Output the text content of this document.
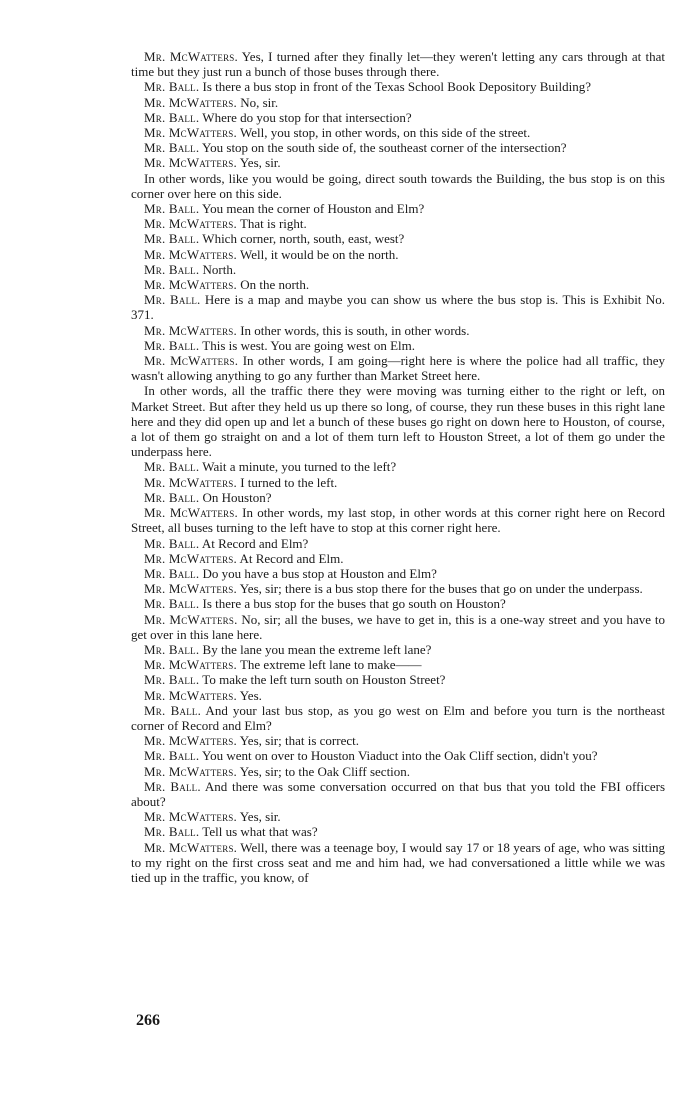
Mr. McWatters. Yes, I turned after they finally let—they weren't letting any cars through at that time but they just run a bunch of those buses through there.

Mr. Ball. Is there a bus stop in front of the Texas School Book Depository Building?

Mr. McWatters. No, sir.

Mr. Ball. Where do you stop for that intersection?

Mr. McWatters. Well, you stop, in other words, on this side of the street.

Mr. Ball. You stop on the south side of, the southeast corner of the intersection?

Mr. McWatters. Yes, sir.

In other words, like you would be going, direct south towards the Building, the bus stop is on this corner over here on this side.

Mr. Ball. You mean the corner of Houston and Elm?

Mr. McWatters. That is right.

Mr. Ball. Which corner, north, south, east, west?

Mr. McWatters. Well, it would be on the north.

Mr. Ball. North.

Mr. McWatters. On the north.

Mr. Ball. Here is a map and maybe you can show us where the bus stop is. This is Exhibit No. 371.

Mr. McWatters. In other words, this is south, in other words.

Mr. Ball. This is west. You are going west on Elm.

Mr. McWatters. In other words, I am going—right here is where the police had all traffic, they wasn't allowing anything to go any further than Market Street here.

In other words, all the traffic there they were moving was turning either to the right or left, on Market Street. But after they held us up there so long, of course, they run these buses in this right lane here and they did open up and let a bunch of these buses go right on down here to Houston, of course, a lot of them go straight on and a lot of them turn left to Houston Street, a lot of them go under the underpass here.

Mr. Ball. Wait a minute, you turned to the left?

Mr. McWatters. I turned to the left.

Mr. Ball. On Houston?

Mr. McWatters. In other words, my last stop, in other words at this corner right here on Record Street, all buses turning to the left have to stop at this corner right here.

Mr. Ball. At Record and Elm?

Mr. McWatters. At Record and Elm.

Mr. Ball. Do you have a bus stop at Houston and Elm?

Mr. McWatters. Yes, sir; there is a bus stop there for the buses that go on under the underpass.

Mr. Ball. Is there a bus stop for the buses that go south on Houston?

Mr. McWatters. No, sir; all the buses, we have to get in, this is a one-way street and you have to get over in this lane here.

Mr. Ball. By the lane you mean the extreme left lane?

Mr. McWatters. The extreme left lane to make——

Mr. Ball. To make the left turn south on Houston Street?

Mr. McWatters. Yes.

Mr. Ball. And your last bus stop, as you go west on Elm and before you turn is the northeast corner of Record and Elm?

Mr. McWatters. Yes, sir; that is correct.

Mr. Ball. You went on over to Houston Viaduct into the Oak Cliff section, didn't you?

Mr. McWatters. Yes, sir; to the Oak Cliff section.

Mr. Ball. And there was some conversation occurred on that bus that you told the FBI officers about?

Mr. McWatters. Yes, sir.

Mr. Ball. Tell us what that was?

Mr. McWatters. Well, there was a teenage boy, I would say 17 or 18 years of age, who was sitting to my right on the first cross seat and me and him had, we had conversationed a little while we was tied up in the traffic, you know, of

266
